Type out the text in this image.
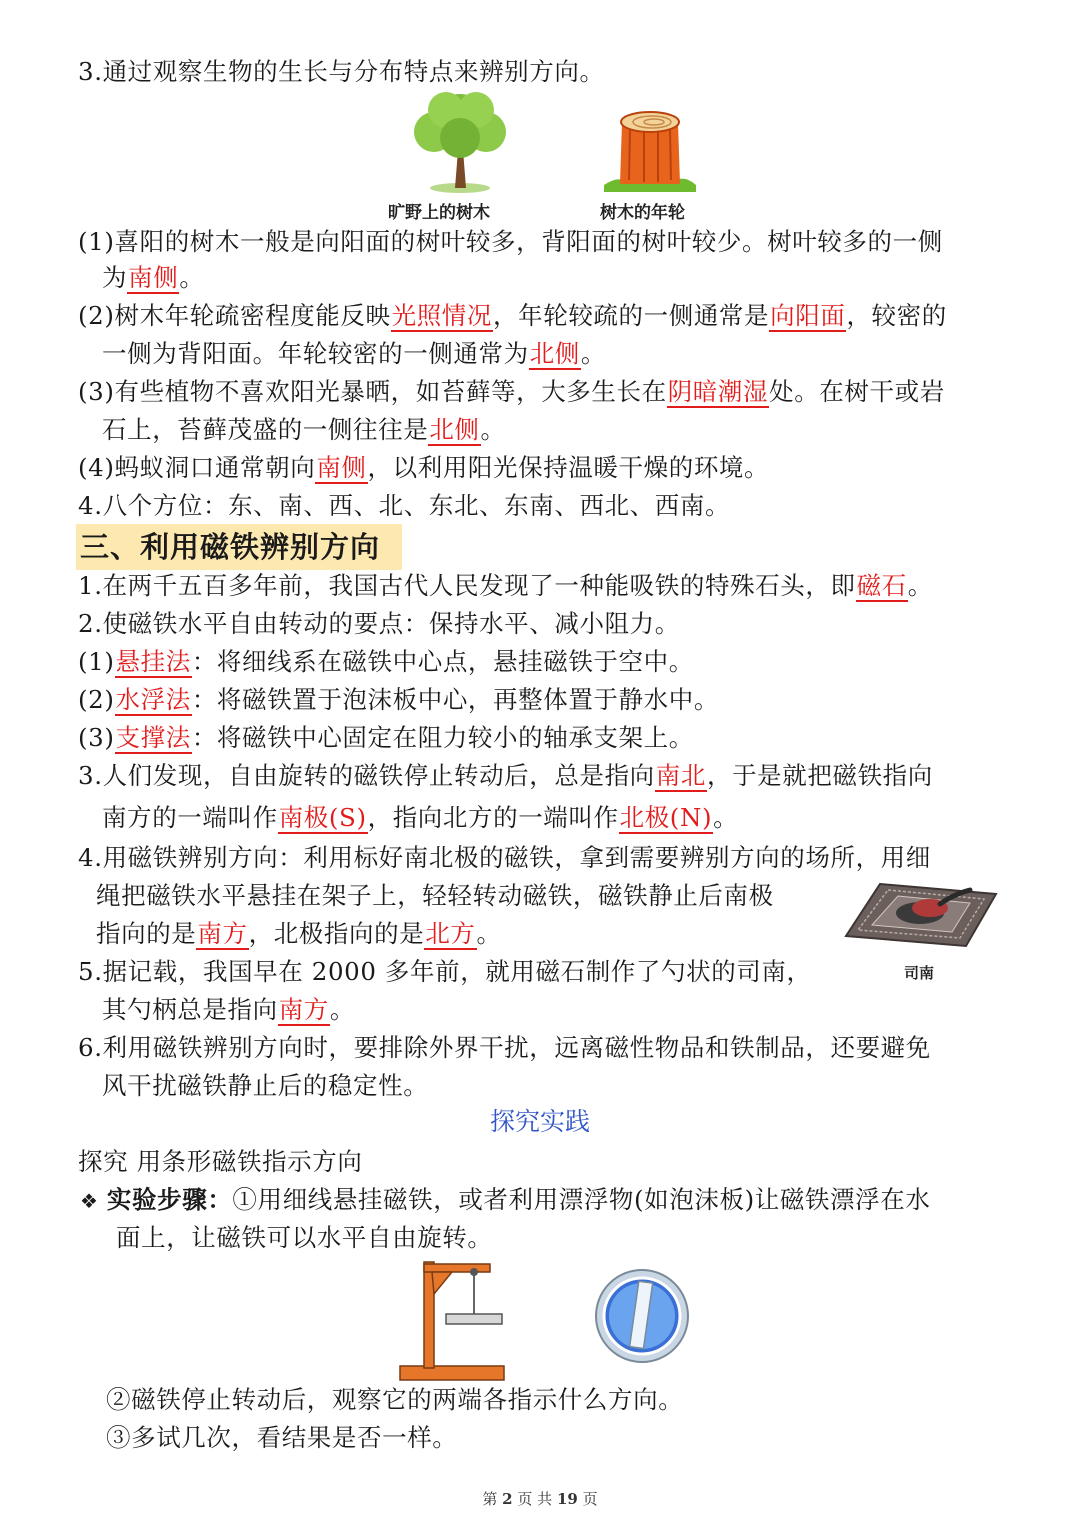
3.通过观察生物的生长与分布特点来辨别方向。
旷野上的树木	树木的年轮
(1)喜阳的树木一般是向阳面的树叶较多，背阳面的树叶较少。树叶较多的一侧
为南侧。
(2)树木年轮疏密程度能反映光照情况，年轮较疏的一侧通常是向阳面，较密的
一侧为背阳面。年轮较密的一侧通常为北侧。
(3)有些植物不喜欢阳光暴晒，如苔藓等，大多生长在阴暗潮湿处。在树干或岩
石上，苔藓茂盛的一侧往往是北侧。
(4)蚂蚁洞口通常朝向南侧，以利用阳光保持温暖干燥的环境。
4.八个方位：东、南、西、北、东北、东南、西北、西南。
三、利用磁铁辨别方向
1.在两千五百多年前，我国古代人民发现了一种能吸铁的特殊石头，即磁石。
2.使磁铁水平自由转动的要点：保持水平、减小阻力。
(1)悬挂法：将细线系在磁铁中心点，悬挂磁铁于空中。
(2)水浮法：将磁铁置于泡沫板中心，再整体置于静水中。
(3)支撑法：将磁铁中心固定在阻力较小的轴承支架上。
3.人们发现，自由旋转的磁铁停止转动后，总是指向南北，于是就把磁铁指向
南方的一端叫作南极(S)，指向北方的一端叫作北极(N)。
4.用磁铁辨别方向：利用标好南北极的磁铁，拿到需要辨别方向的场所，用细
绳把磁铁水平悬挂在架子上，轻轻转动磁铁，磁铁静止后南极
指向的是南方，北极指向的是北方。
司南
5.据记载，我国早在 2000 多年前，就用磁石制作了勺状的司南，
其勺柄总是指向南方。
6.利用磁铁辨别方向时，要排除外界干扰，远离磁性物品和铁制品，还要避免
风干扰磁铁静止后的稳定性。
探究实践
探究 用条形磁铁指示方向
❖ 实验步骤：①用细线悬挂磁铁，或者利用漂浮物(如泡沫板)让磁铁漂浮在水
面上，让磁铁可以水平自由旋转。
②磁铁停止转动后，观察它的两端各指示什么方向。
③多试几次，看结果是否一样。
第 2 页 共 19 页
